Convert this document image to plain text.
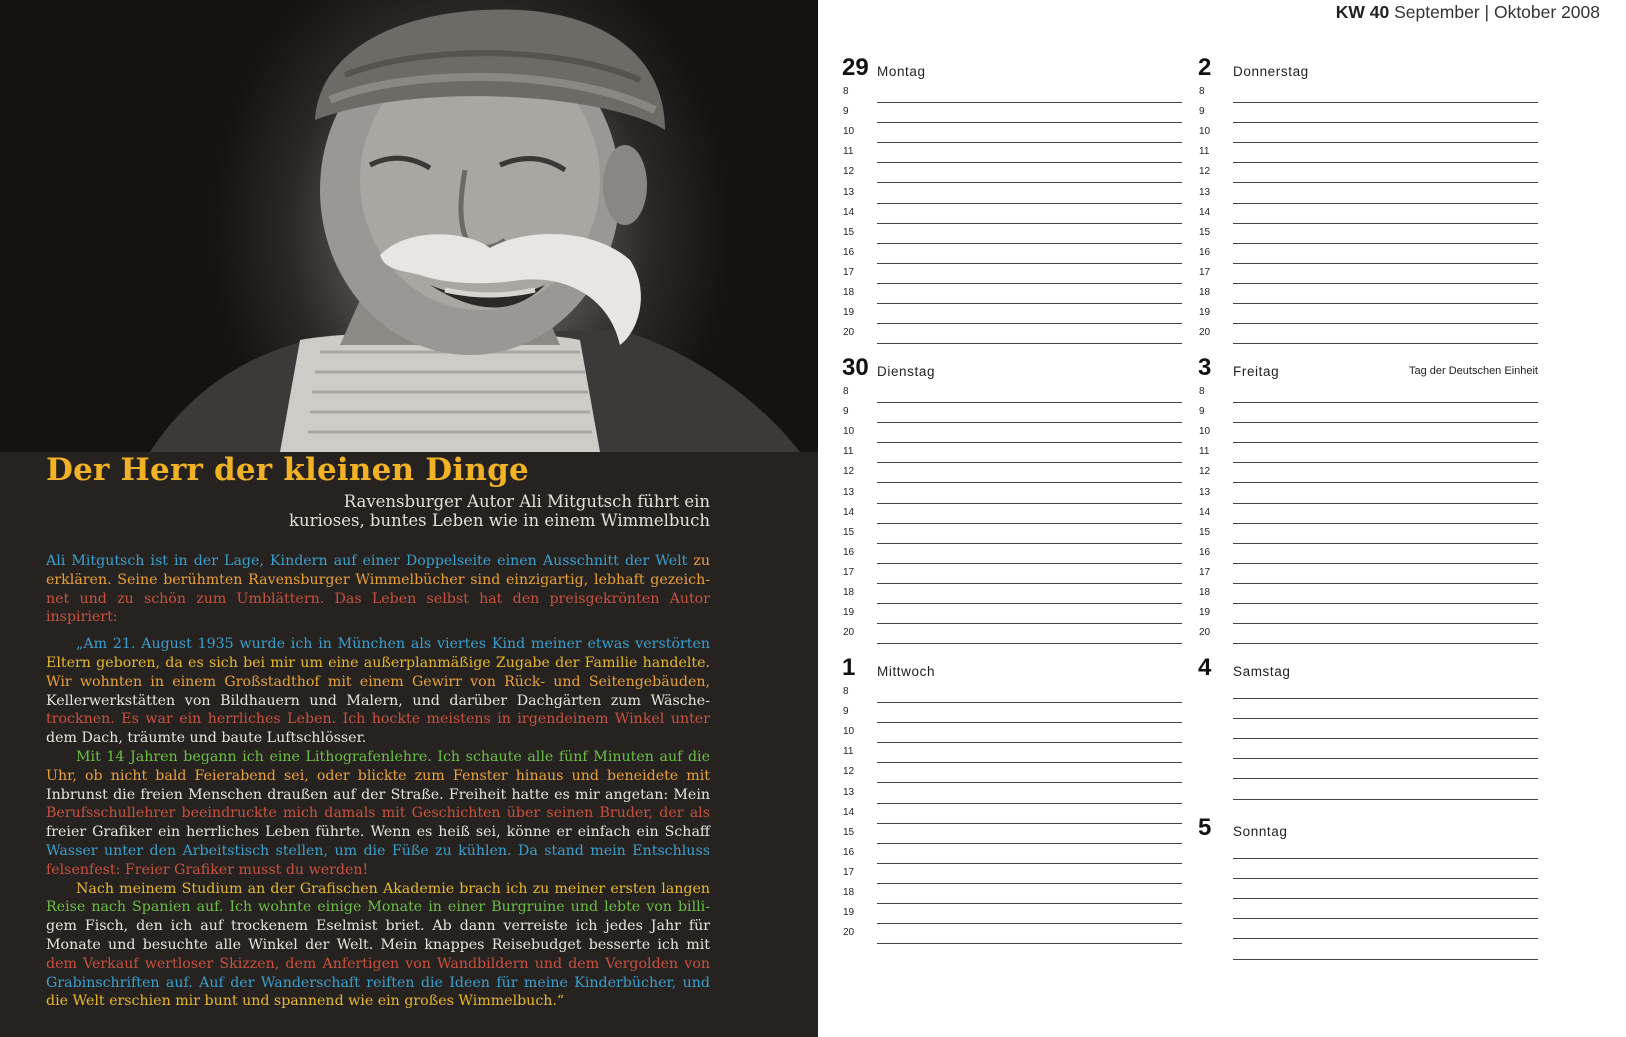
Der Herr der kleinen Dinge
Ravensburger Autor Ali Mitgutsch führt ein
kurioses, buntes Leben wie in einem Wimmelbuch

Ali Mitgutsch ist in der Lage, Kindern auf einer Doppelseite einen Ausschnitt der Welt zu erklären. Seine berühmten Ravensburger Wimmelbücher sind einzigartig, lebhaft gezeichnet und zu schön zum Umblättern. Das Leben selbst hat den preisgekrönten Autor inspiriert:

„Am 21. August 1935 wurde ich in München als viertes Kind meiner etwas verstörten Eltern geboren, da es sich bei mir um eine außerplanmäßige Zugabe der Familie handelte. Wir wohnten in einem Großstadthof mit einem Gewirr von Rück- und Seitengebäuden, Kellerwerkstätten von Bildhauern und Malern, und darüber Dachgärten zum Wäschetrocknen. Es war ein herrliches Leben. Ich hockte meistens in irgendeinem Winkel unter dem Dach, träumte und baute Luftschlösser.

Mit 14 Jahren begann ich eine Lithografenlehre. Ich schaute alle fünf Minuten auf die Uhr, ob nicht bald Feierabend sei, oder blickte zum Fenster hinaus und beneidete mit Inbrunst die freien Menschen draußen auf der Straße. Freiheit hatte es mir angetan: Mein Berufsschullehrer beeindruckte mich damals mit Geschichten über seinen Bruder, der als freier Grafiker ein herrliches Leben führte. Wenn es heiß sei, könne er einfach ein Schaff Wasser unter den Arbeitstisch stellen, um die Füße zu kühlen. Da stand mein Entschluss felsenfest: Freier Grafiker musst du werden!

Nach meinem Studium an der Grafischen Akademie brach ich zu meiner ersten langen Reise nach Spanien auf. Ich wohnte einige Monate in einer Burgruine und lebte von billigem Fisch, den ich auf trockenem Eselmist briet. Ab dann verreiste ich jedes Jahr für Monate und besuchte alle Winkel der Welt. Mein knappes Reisebudget besserte ich mit dem Verkauf wertloser Skizzen, dem Anfertigen von Wandbildern und dem Vergolden von Grabinschriften auf. Auf der Wanderschaft reiften die Ideen für meine Kinderbücher, und die Welt erschien mir bunt und spannend wie ein großes Wimmelbuch.“

KW 40 September | Oktober 2008
29 Montag
8
9
10
11
12
13
14
15
16
17
18
19
20
2 Donnerstag
8
9
10
11
12
13
14
15
16
17
18
19
20
30 Dienstag
8
9
10
11
12
13
14
15
16
17
18
19
20
3 Freitag	Tag der Deutschen Einheit
8
9
10
11
12
13
14
15
16
17
18
19
20
1 Mittwoch
8
9
10
11
12
13
14
15
16
17
18
19
20
4 Samstag
5 Sonntag
